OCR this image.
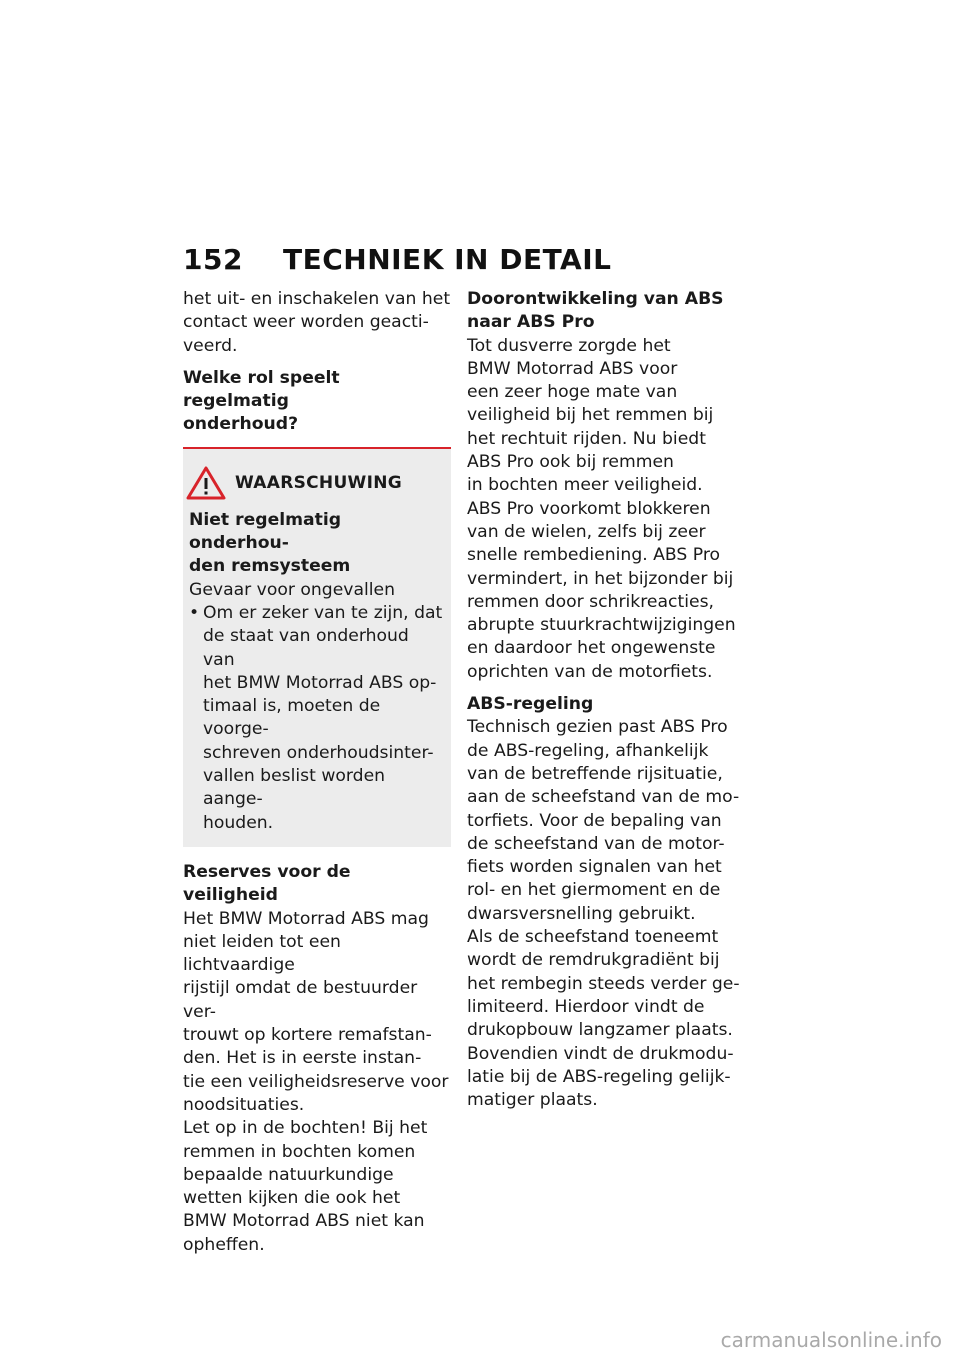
152 TECHNIEK IN DETAIL

het uit- en inschakelen van het
contact weer worden geacti-
veerd.

Welke rol speelt regelmatig
onderhoud?

WAARSCHUWING

Niet regelmatig onderhou-
den remsysteem

Gevaar voor ongevallen

• Om er zeker van te zijn, dat
de staat van onderhoud van
het BMW Motorrad ABS op-
timaal is, moeten de voorge-
schreven onderhoudsinter-
vallen beslist worden aange-
houden.

Reserves voor de veiligheid

Het BMW Motorrad ABS mag
niet leiden tot een lichtvaardige
rijstijl omdat de bestuurder ver-
trouwt op kortere remafstan-
den. Het is in eerste instan-
tie een veiligheidsreserve voor
noodsituaties.

Let op in de bochten! Bij het
remmen in bochten komen
bepaalde natuurkundige
wetten kijken die ook het
BMW Motorrad ABS niet kan
opheffen.

Doorontwikkeling van ABS
naar ABS Pro

Tot dusverre zorgde het
BMW Motorrad ABS voor
een zeer hoge mate van
veiligheid bij het remmen bij
het rechtuit rijden. Nu biedt
ABS Pro ook bij remmen
in bochten meer veiligheid.
ABS Pro voorkomt blokkeren
van de wielen, zelfs bij zeer
snelle rembediening. ABS Pro
vermindert, in het bijzonder bij
remmen door schrikreacties,
abrupte stuurkrachtwijzigingen
en daardoor het ongewenste
oprichten van de motorfiets.

ABS-regeling

Technisch gezien past ABS Pro
de ABS-regeling, afhankelijk
van de betreffende rijsituatie,
aan de scheefstand van de mo-
torfiets. Voor de bepaling van
de scheefstand van de motor-
fiets worden signalen van het
rol- en het giermoment en de
dwarsversnelling gebruikt.

Als de scheefstand toeneemt
wordt de remdrukgradiënt bij
het rembegin steeds verder ge-
limiteerd. Hierdoor vindt de
drukopbouw langzamer plaats.
Bovendien vindt de drukmodu-
latie bij de ABS-regeling gelijk-
matiger plaats.

carmanualsonline.info
